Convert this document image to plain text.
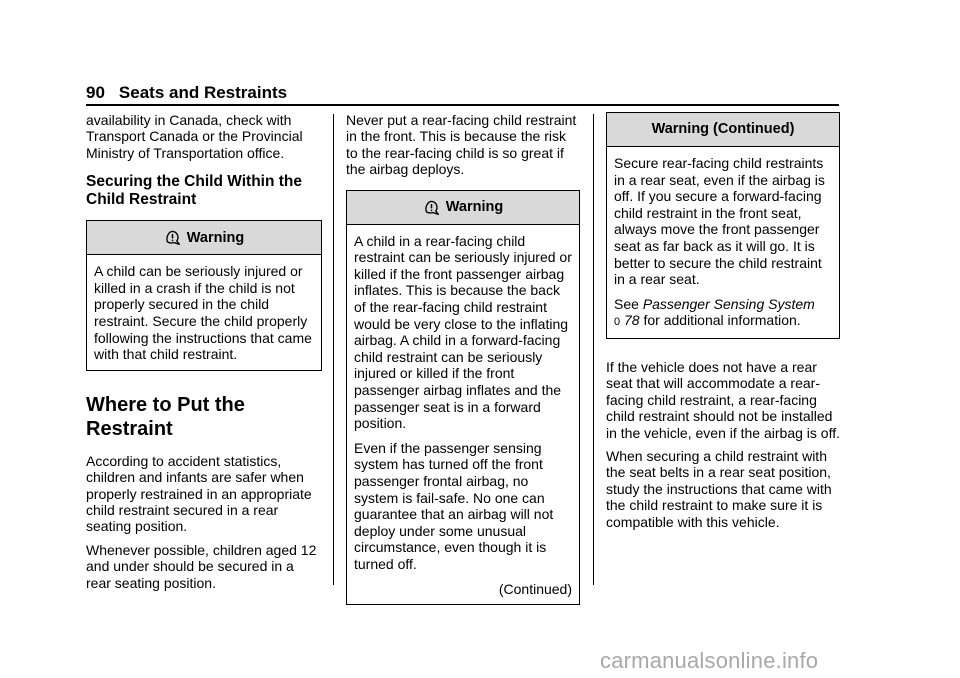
90 Seats and Restraints

availability in Canada, check with Transport Canada or the Provincial Ministry of Transportation office.

Securing the Child Within the Child Restraint
Warning

A child can be seriously injured or killed in a crash if the child is not properly secured in the child restraint. Secure the child properly following the instructions that came with that child restraint.

Where to Put the Restraint

According to accident statistics, children and infants are safer when properly restrained in an appropriate child restraint secured in a rear seating position.

Whenever possible, children aged 12 and under should be secured in a rear seating position.

Never put a rear-facing child restraint in the front. This is because the risk to the rear-facing child is so great if the airbag deploys.

Warning

A child in a rear-facing child restraint can be seriously injured or killed if the front passenger airbag inflates. This is because the back of the rear-facing child restraint would be very close to the inflating airbag. A child in a forward-facing child restraint can be seriously injured or killed if the front passenger airbag inflates and the passenger seat is in a forward position.

Even if the passenger sensing system has turned off the front passenger frontal airbag, no system is fail-safe. No one can guarantee that an airbag will not deploy under some unusual circumstance, even though it is turned off.

(Continued)
Warning (Continued)

Secure rear-facing child restraints in a rear seat, even if the airbag is off. If you secure a forward-facing child restraint in the front seat, always move the front passenger seat as far back as it will go. It is better to secure the child restraint in a rear seat.

See Passenger Sensing System
0 78 for additional information.

If the vehicle does not have a rear seat that will accommodate a rear-facing child restraint, a rear-facing child restraint should not be installed in the vehicle, even if the airbag is off.

When securing a child restraint with the seat belts in a rear seat position, study the instructions that came with the child restraint to make sure it is compatible with this vehicle.

carmanualsonline.info
